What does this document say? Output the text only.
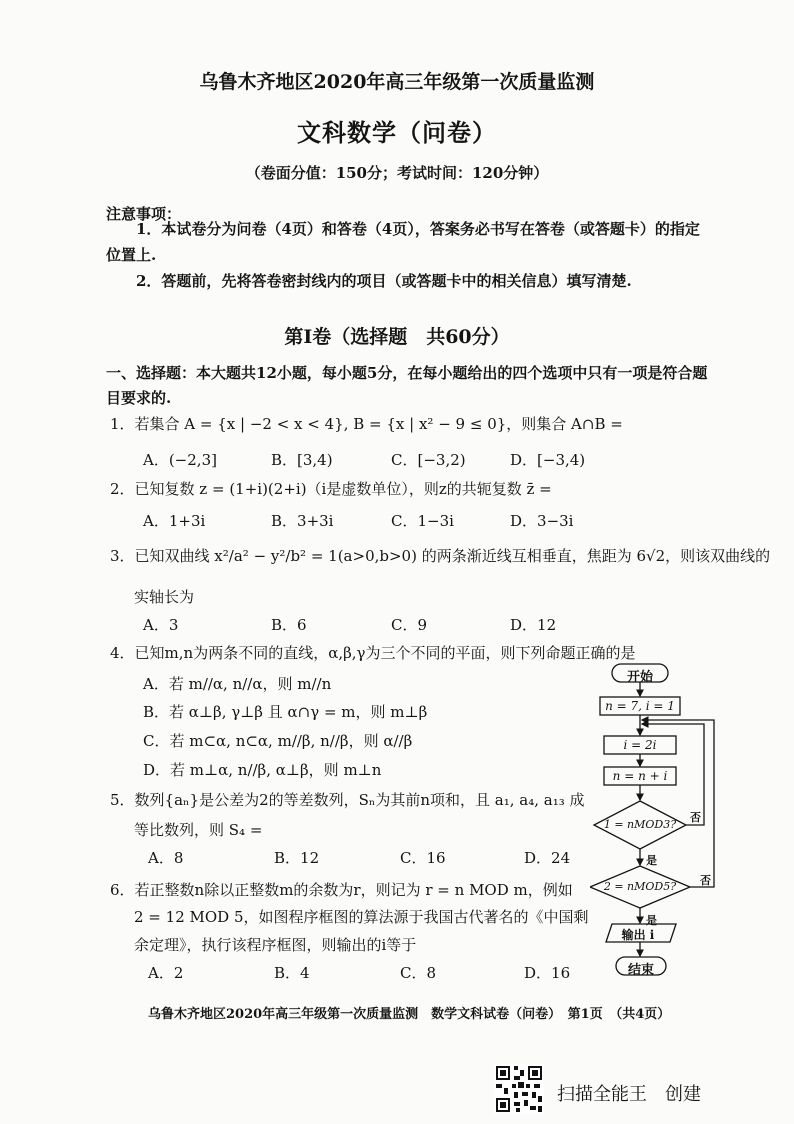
乌鲁木齐地区2020年高三年级第一次质量监测
文科数学（问卷）
（卷面分值：150分；考试时间：120分钟）
注意事项：
1．本试卷分为问卷（4页）和答卷（4页），答案务必书写在答卷（或答题卡）的指定
位置上.
2．答题前，先将答卷密封线内的项目（或答题卡中的相关信息）填写清楚.
第Ⅰ卷（选择题　共60分）
一、选择题：本大题共12小题，每小题5分，在每小题给出的四个选项中只有一项是符合题
目要求的.
1．若集合 A = {x | −2 < x < 4}, B = {x | x² − 9 ≤ 0}，则集合 A∩B =
A．(−2,3]	B．[3,4)	C．[−3,2)	D．[−3,4)
2．已知复数 z = (1+i)(2+i)（i是虚数单位），则z的共轭复数 z̄ =
A．1+3i	B．3+3i	C．1−3i	D．3−3i
3．已知双曲线 x²/a² − y²/b² = 1(a>0,b>0) 的两条渐近线互相垂直，焦距为 6√2，则该双曲线的
实轴长为
A．3	B．6	C．9	D．12
4．已知m,n为两条不同的直线，α,β,γ为三个不同的平面，则下列命题正确的是
A．若 m//α, n//α，则 m//n
B．若 α⊥β, γ⊥β 且 α∩γ = m，则 m⊥β
C．若 m⊂α, n⊂α, m//β, n//β，则 α//β
D．若 m⊥α, n//β, α⊥β，则 m⊥n
5．数列{aₙ}是公差为2的等差数列，Sₙ为其前n项和，且 a₁, a₄, a₁₃ 成
等比数列，则 S₄ =
A．8	B．12	C．16	D．24
6．若正整数n除以正整数m的余数为r，则记为 r = n MOD m，例如
2 = 12 MOD 5，如图程序框图的算法源于我国古代著名的《中国剩
余定理》，执行该程序框图，则输出的i等于
A．2	B．4	C．8	D．16
开始
n = 7, i = 1
i = 2i
n = n + i
1 = nMOD3?
2 = nMOD5?
是
是
否
否
输出 i
结束
乌鲁木齐地区2020年高三年级第一次质量监测　数学文科试卷（问卷）　第1页　（共4页）
扫描全能王　创建
